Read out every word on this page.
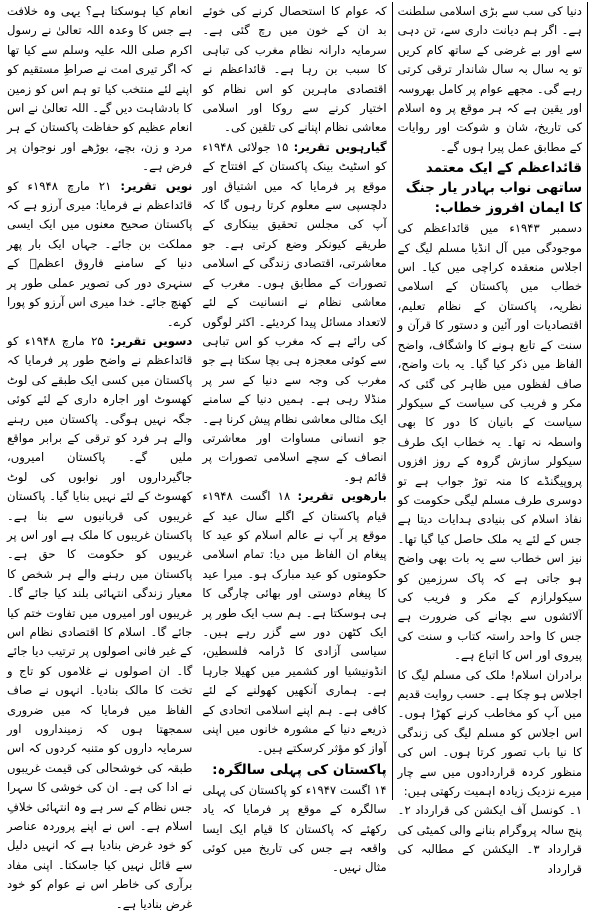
انعام کیا ہوسکتا ہے؟ یہی وہ خلافت ہے جس کا وعدہ اللہ تعالیٰ نے رسول اکرم صلی اللہ علیہ وسلم سے کیا تھا کہ اگر تیری امت نے صراطِ مستقیم کو اپنے لئے منتخب کیا تو ہم اس کو زمین کا بادشاہت دیں گے۔ اللہ تعالیٰ نے اس انعام عظیم کو حفاظت پاکستان کے ہر مرد و زن، بچے، بوڑھے اور نوجوان پر فرض ہے۔

نویں تقریر: ۲۱ مارچ ۱۹۴۸ء کو قائداعظم نے فرمایا: میری آرزو ہے کہ پاکستان صحیح معنوں میں ایک ایسی مملکت بن جائے۔ جہاں ایک بار پھر دنیا کے سامنے فاروق اعظمؓ کے سنہری دور کی تصویر عملی طور پر کھنچ جائے۔ خدا میری اس آرزو کو پورا کرے۔

دسویں تقریر: ۲۵ مارچ ۱۹۴۸ء کو قائداعظم نے واضح طور پر فرمایا کہ پاکستان میں کسی ایک طبقے کی لوٹ کھسوٹ اور اجارہ داری کے لئے کوئی جگہ نہیں ہوگی۔ پاکستان میں رہنے والے ہر فرد کو ترقی کے برابر مواقع ملیں گے۔ پاکستان امیروں، جاگیرداروں اور نوابوں کی لوٹ کھسوٹ کے لئے نہیں بنایا گیا۔ پاکستان غریبوں کی قربانیوں سے بنا ہے۔ پاکستان غریبوں کا ملک ہے اور اس پر غریبوں کو حکومت کا حق ہے۔ پاکستان میں رہنے والے ہر شخص کا معیار زندگی انتہائی بلند کیا جائے گا۔ غریبوں اور امیروں میں تفاوت ختم کیا جائے گا۔ اسلام کا اقتصادی نظام اس کے غیر فانی اصولوں پر ترتیب دیا جائے گا۔ ان اصولوں نے غلاموں کو تاج و تخت کا مالک بنادیا۔ انہوں نے صاف الفاظ میں فرمایا کہ میں ضروری سمجھتا ہوں کہ زمینداروں اور سرمایہ داروں کو متنبہ کردوں کہ اس طبقہ کی خوشحالی کی قیمت غریبوں نے ادا کی ہے۔ ان کی خوشی کا سہرا جس نظام کے سر ہے وہ انتہائی خلافِ اسلام ہے۔ اس نے اپنے پروردہ عناصر کو خود غرض بنادیا ہے کہ انہیں دلیل سے قائل نہیں کیا جاسکتا۔ اپنی مفاد برآری کی خاطر اس نے عوام کو خود غرض بنادیا ہے۔

کہ عوام کا استحصال کرنے کی خوئے بد ان کے خون میں رچ گئی ہے۔ سرمایہ دارانہ نظام مغرب کی تباہی کا سبب بن رہا ہے۔ قائداعظم نے اقتصادی ماہرین کو اس نظام کو اختیار کرنے سے روکا اور اسلامی معاشی نظام اپنانے کی تلقین کی۔

گیارہویں تقریر: ۱۵ جولائی ۱۹۴۸ء کو اسٹیٹ بینک پاکستان کے افتتاح کے موقع پر فرمایا کہ میں اشتیاق اور دلچسپی سے معلوم کرتا رہوں گا کہ آپ کی مجلس تحقیق بینکاری کے طریقے کیونکر وضع کرتی ہے۔ جو معاشرتی، اقتصادی زندگی کے اسلامی تصورات کے مطابق ہوں۔ مغرب کے معاشی نظام نے انسانیت کے لئے لاتعداد مسائل پیدا کردیئے۔ اکثر لوگوں کی رائے ہے کہ مغرب کو اس تباہی سے کوئی معجزہ ہی بچا سکتا ہے جو مغرب کی وجہ سے دنیا کے سر پر منڈلا رہی ہے۔ ہمیں دنیا کے سامنے ایک مثالی معاشی نظام پیش کرنا ہے۔ جو انسانی مساوات اور معاشرتی انصاف کے سچے اسلامی تصورات پر قائم ہو۔

بارھویں تقریر: ۱۸ اگست ۱۹۴۸ء قیام پاکستان کے اگلے سال عید کے موقع پر آپ نے عالم اسلام کو عید کا پیغام ان الفاظ میں دیا: تمام اسلامی حکومتوں کو عید مبارک ہو۔ میرا عید کا پیغام دوستی اور بھائی چارگی کا ہی ہوسکتا ہے۔ ہم سب ایک طور پر ایک کٹھن دور سے گزر رہے ہیں۔ سیاسی آزادی کا ڈرامہ فلسطین، انڈونیشیا اور کشمیر میں کھیلا جارہا ہے۔ ہماری آنکھیں کھولنے کے لئے کافی ہے۔ ہم اپنے اسلامی اتحادی کے ذریعے دنیا کے مشورہ خانوں میں اپنی آواز کو مؤثر کرسکتے ہیں۔

پاکستان کی پہلی سالگرہ:

۱۴ اگست ۱۹۴۷ء کو پاکستان کی پہلی سالگرہ کے موقع پر فرمایا کہ یاد رکھئے کہ پاکستان کا قیام ایک ایسا واقعہ ہے جس کی تاریخ میں کوئی مثال نہیں۔

دنیا کی سب سے بڑی اسلامی سلطنت ہے۔ اگر ہم دیانت داری سے، تن دہی سے اور بے غرضی کے ساتھ کام کریں تو یہ سال بہ سال شاندار ترقی کرتی رہے گی۔ مجھے عوام پر کامل بھروسہ اور یقین ہے کہ ہر موقع پر وہ اسلام کی تاریخ، شان و شوکت اور روایات کے مطابق عمل پیرا ہوں گے۔

قائداعظم کے ایک معتمد ساتھی نواب بہادر یار جنگ کا ایمان افروز خطاب:

دسمبر ۱۹۴۳ء میں قائداعظم کی موجودگی میں آل انڈیا مسلم لیگ کے اجلاس منعقدہ کراچی میں کیا۔ اس خطاب میں پاکستان کے اسلامی نظریہ، پاکستان کے نظام تعلیم، اقتصادیات اور آئین و دستور کا قرآن و سنت کے تابع ہونے کا واشگاف، واضح الفاظ میں ذکر کیا گیا۔ یہ بات واضح، صاف لفظوں میں ظاہر کی گئی کہ مکر و فریب کی سیاست کے سیکولر سیاست کے بانیان کا دور کا بھی واسطہ نہ تھا۔ یہ خطاب ایک طرف سیکولر سازش گروہ کے روز افزوں پروپیگنڈے کا منہ توڑ جواب ہے تو دوسری طرف مسلم لیگی حکومت کو نفاذ اسلام کی بنیادی ہدایات دیتا ہے جس کے لئے یہ ملک حاصل کیا گیا تھا۔ نیز اس خطاب سے یہ بات بھی واضح ہو جاتی ہے کہ پاک سرزمین کو سیکولرازم کے مکر و فریب کی آلائشوں سے بچانے کی ضرورت ہے جس کا واحد راستہ کتاب و سنت کی پیروی اور اس کا اتباع ہے۔

برادران اسلام! ملک کی مسلم لیگ کا اجلاس ہو چکا ہے۔ حسب روایت قدیم میں آپ کو مخاطب کرنے کھڑا ہوں۔ اس اجلاس کو مسلم لیگ کی زندگی کا نیا باب تصور کرتا ہوں۔ اس کی منظور کردہ قراردادوں میں سے چار میرے نزدیک زیادہ اہمیت رکھتی ہیں:

۱۔ کونسل آف ایکشن کی قرارداد ۲۔ پنج سالہ پروگرام بنانے والی کمیٹی کی قرارداد ۳۔ الیکشن کے مطالبہ کی قرارداد
